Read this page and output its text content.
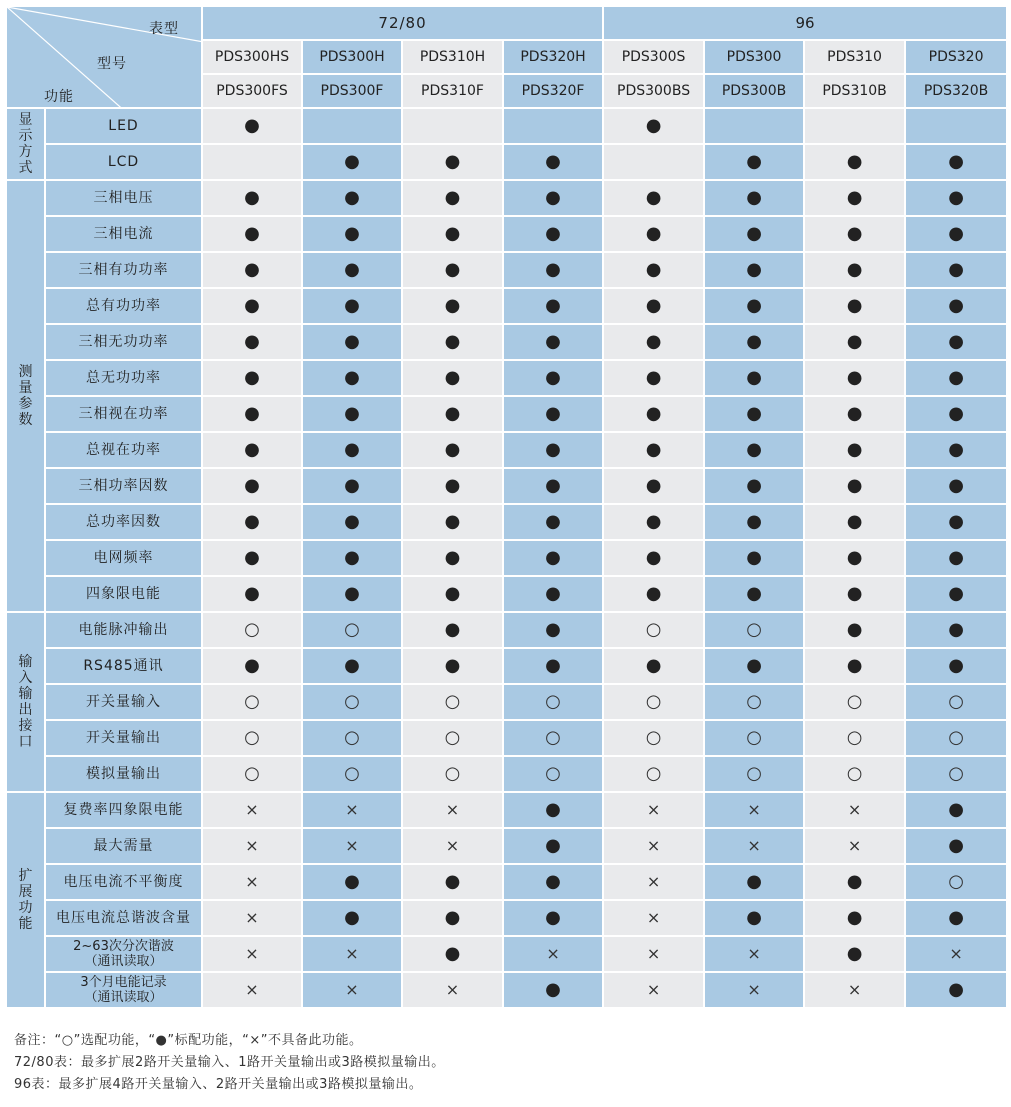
表型
型号
功能		72/80				96			
		PDS300HS	PDS300H	PDS310H	PDS320H	PDS300S	PDS300	PDS310	PDS320
		PDS300FS	PDS300F	PDS310F	PDS320F	PDS300BS	PDS300B	PDS310B	PDS320B

显示方式	LED	●				●			

	LCD		●	●	●		●	●	●

测量参数	三相电压	●	●	●	●	●	●	●	●

	三相电流	●	●	●	●	●	●	●	●

	三相有功功率	●	●	●	●	●	●	●	●

	总有功功率	●	●	●	●	●	●	●	●

	三相无功功率	●	●	●	●	●	●	●	●

	总无功功率	●	●	●	●	●	●	●	●

	三相视在功率	●	●	●	●	●	●	●	●

	总视在功率	●	●	●	●	●	●	●	●

	三相功率因数	●	●	●	●	●	●	●	●

	总功率因数	●	●	●	●	●	●	●	●

	电网频率	●	●	●	●	●	●	●	●

	四象限电能	●	●	●	●	●	●	●	●

输入输出接口	电能脉冲输出	○	○	●	●	○	○	●	●

	RS485通讯	●	●	●	●	●	●	●	●

	开关量输入	○	○	○	○	○	○	○	○

	开关量输出	○	○	○	○	○	○	○	○

	模拟量输出	○	○	○	○	○	○	○	○

扩展功能	复费率四象限电能	×	×	×	●	×	×	×	●

	最大需量	×	×	×	●	×	×	×	●

	电压电流不平衡度	×	●	●	●	×	●	●	○

	电压电流总谐波含量	×	●	●	●	×	●	●	●

	2~63次分次谐波
（通讯读取）	×	×	●	×	×	×	●	×

	3个月电能记录
（通讯读取）	×	×	×	●	×	×	×	●
备注：“○”选配功能，“●”标配功能，“×”不具备此功能。
72/80表：最多扩展2路开关量输入、1路开关量输出或3路模拟量输出。
96表：最多扩展4路开关量输入、2路开关量输出或3路模拟量输出。
